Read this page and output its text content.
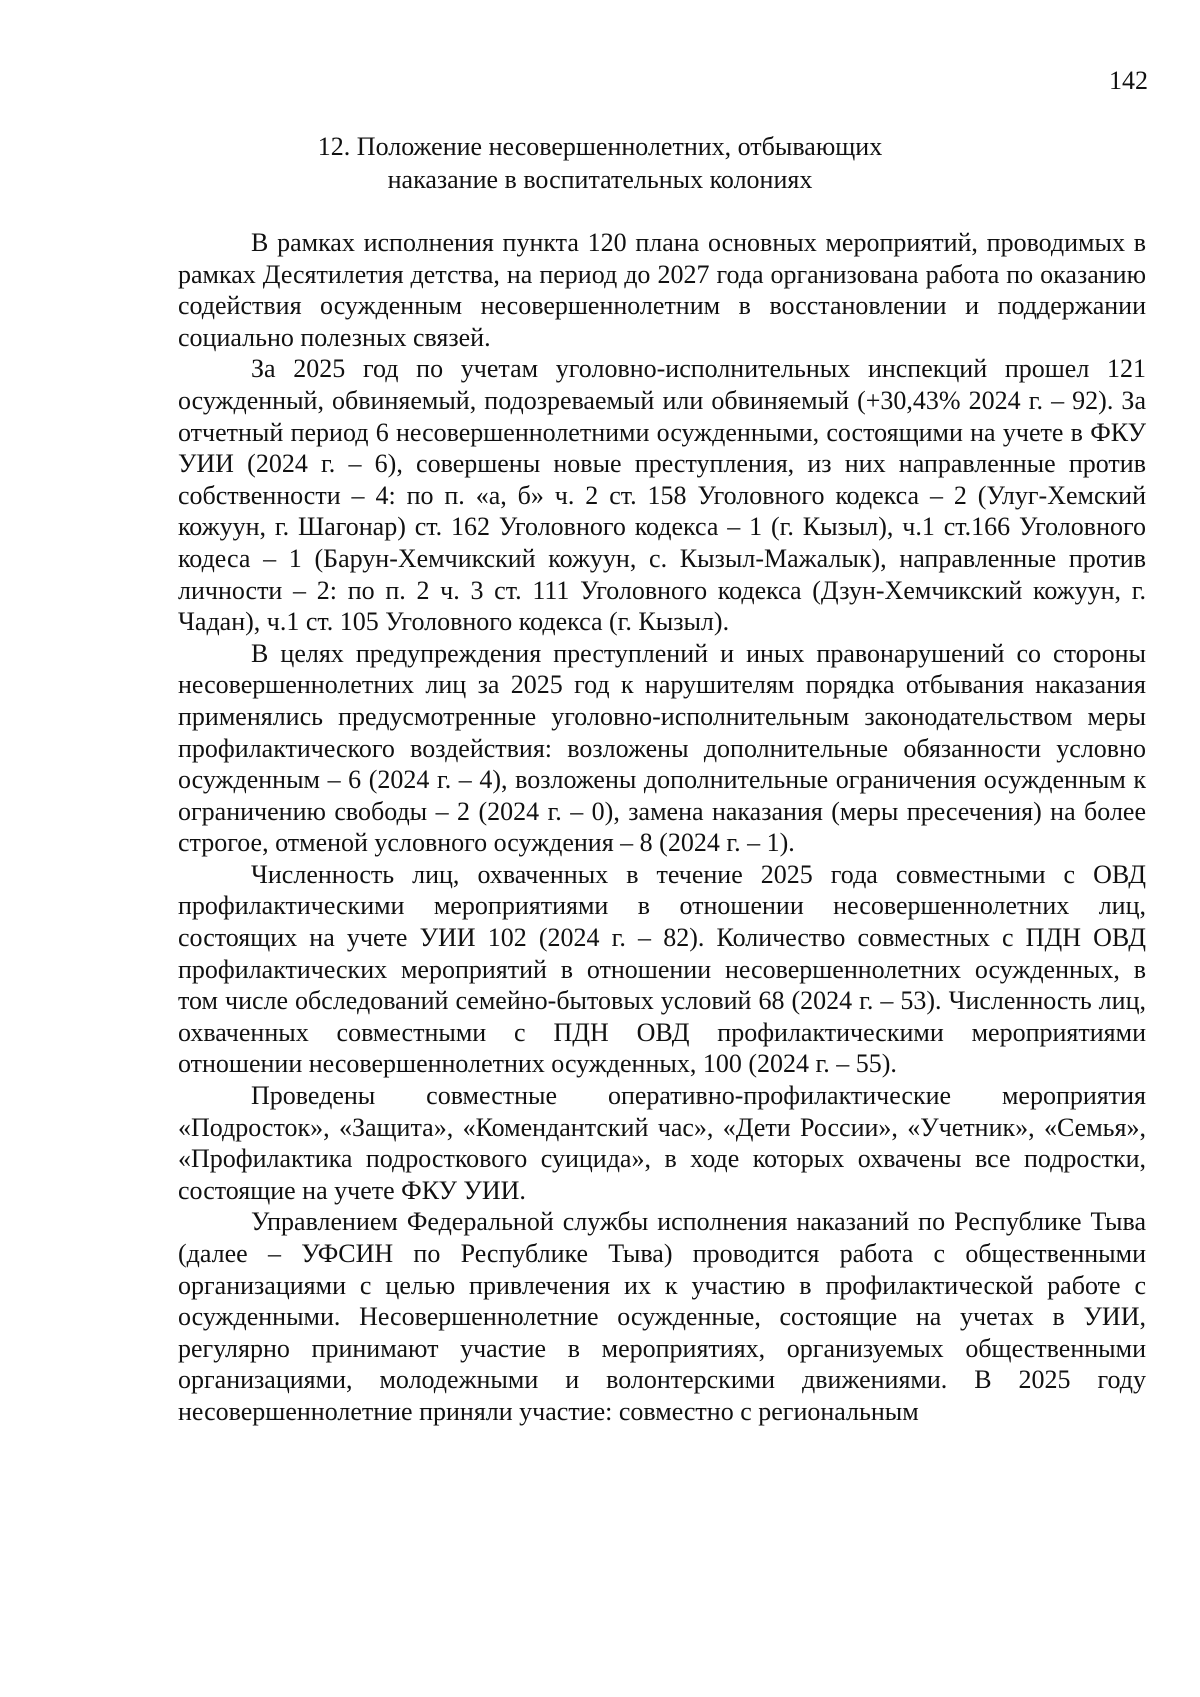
142
12. Положение несовершеннолетних, отбывающих
наказание в воспитательных колониях

В рамках исполнения пункта 120 плана основных мероприятий, проводимых в рамках Десятилетия детства, на период до 2027 года организована работа по оказанию содействия осужденным несовершеннолетним в восстановлении и поддержании социально полезных связей.

За 2025 год по учетам уголовно-исполнительных инспекций прошел 121 осужденный, обвиняемый, подозреваемый или обвиняемый (+30,43% 2024 г. – 92). За отчетный период 6 несовершеннолетними осужденными, состоящими на учете в ФКУ УИИ (2024 г. – 6), совершены новые преступления, из них направленные против собственности – 4: по п. «а, б» ч. 2 ст. 158 Уголовного кодекса – 2 (Улуг-Хемский кожуун, г. Шагонар) ст. 162 Уголовного кодекса – 1 (г. Кызыл), ч.1 ст.166 Уголовного кодеса – 1 (Барун-Хемчикский кожуун, с. Кызыл-Мажалык), направленные против личности – 2: по п. 2 ч. 3 ст. 111 Уголовного кодекса (Дзун-Хемчикский кожуун, г. Чадан), ч.1 ст. 105 Уголовного кодекса (г. Кызыл).

В целях предупреждения преступлений и иных правонарушений со стороны несовершеннолетних лиц за 2025 год к нарушителям порядка отбывания наказания применялись предусмотренные уголовно-исполнительным законодательством меры профилактического воздействия: возложены дополнительные обязанности условно осужденным – 6 (2024 г. – 4), возложены дополнительные ограничения осужденным к ограничению свободы – 2 (2024 г. – 0), замена наказания (меры пресечения) на более строгое, отменой условного осуждения – 8 (2024 г. – 1).

Численность лиц, охваченных в течение 2025 года совместными с ОВД профилактическими мероприятиями в отношении несовершеннолетних лиц, состоящих на учете УИИ 102 (2024 г. – 82). Количество совместных с ПДН ОВД профилактических мероприятий в отношении несовершеннолетних осужденных, в том числе обследований семейно-бытовых условий 68 (2024 г. – 53). Численность лиц, охваченных совместными с ПДН ОВД профилактическими мероприятиями отношении несовершеннолетних осужденных, 100 (2024 г. – 55).

Проведены совместные оперативно-профилактические мероприятия «Подросток», «Защита», «Комендантский час», «Дети России», «Учетник», «Семья», «Профилактика подросткового суицида», в ходе которых охвачены все подростки, состоящие на учете ФКУ УИИ.

Управлением Федеральной службы исполнения наказаний по Республике Тыва (далее – УФСИН по Республике Тыва) проводится работа с общественными организациями с целью привлечения их к участию в профилактической работе с осужденными. Несовершеннолетние осужденные, состоящие на учетах в УИИ, регулярно принимают участие в мероприятиях, организуемых общественными организациями, молодежными и волонтерскими движениями. В 2025 году несовершеннолетние приняли участие: совместно с региональным
